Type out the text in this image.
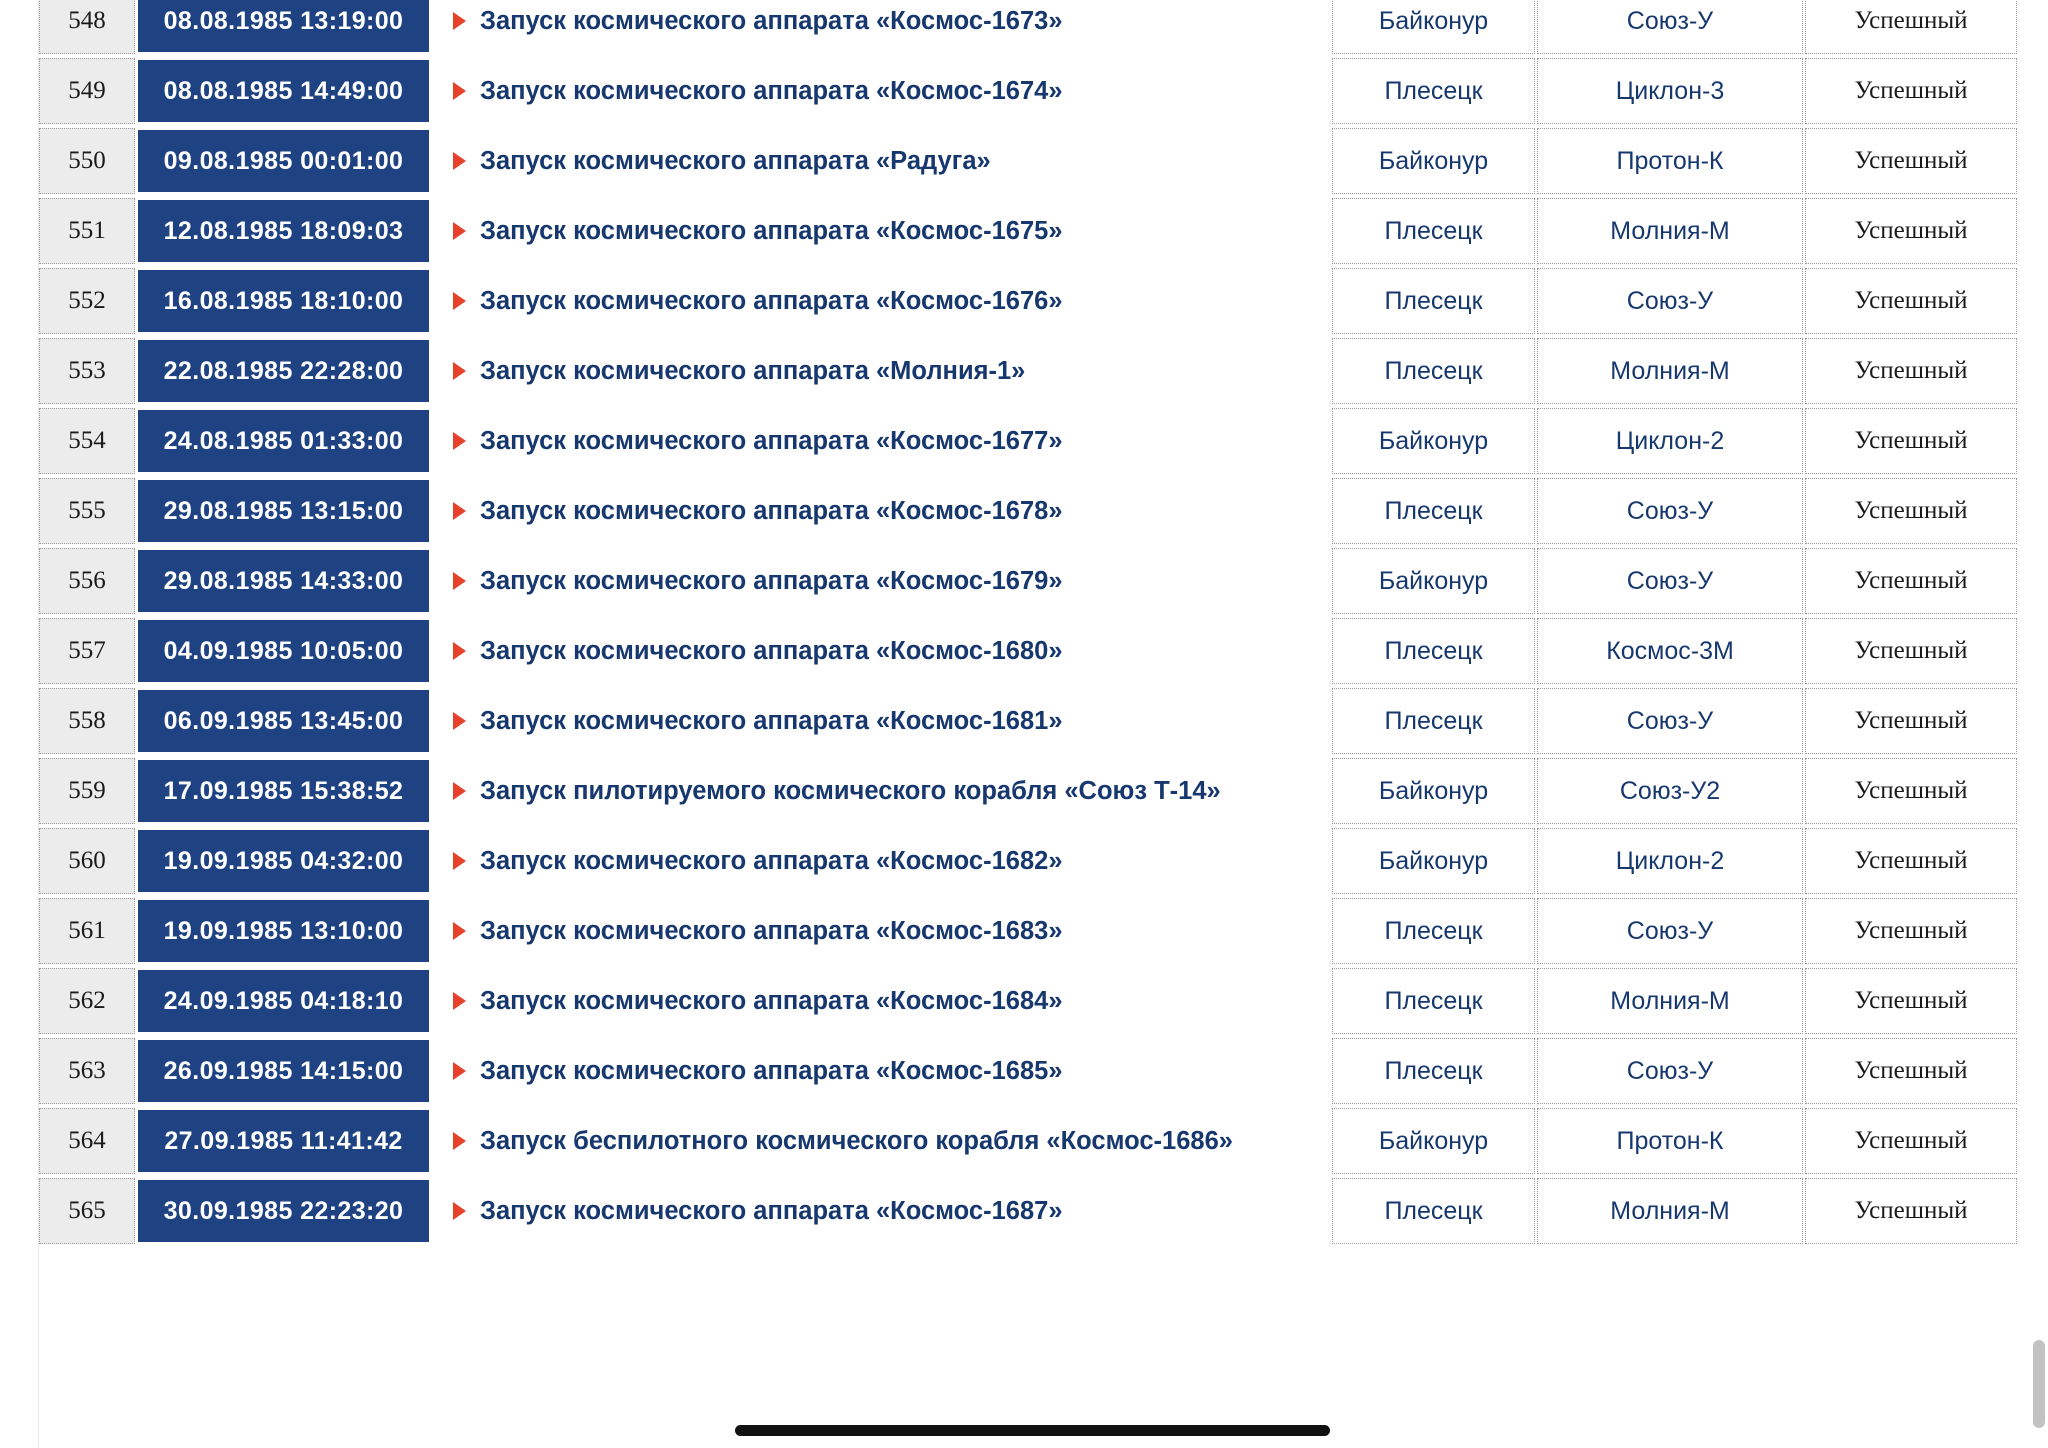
548	08.08.1985 13:19:00	Запуск космического аппарата «Космос-1673»	Байконур	Союз-У	Успешный

549	08.08.1985 14:49:00	Запуск космического аппарата «Космос-1674»	Плесецк	Циклон-3	Успешный

550	09.08.1985 00:01:00	Запуск космического аппарата «Радуга»	Байконур	Протон-К	Успешный

551	12.08.1985 18:09:03	Запуск космического аппарата «Космос-1675»	Плесецк	Молния-М	Успешный

552	16.08.1985 18:10:00	Запуск космического аппарата «Космос-1676»	Плесецк	Союз-У	Успешный

553	22.08.1985 22:28:00	Запуск космического аппарата «Молния-1»	Плесецк	Молния-М	Успешный

554	24.08.1985 01:33:00	Запуск космического аппарата «Космос-1677»	Байконур	Циклон-2	Успешный

555	29.08.1985 13:15:00	Запуск космического аппарата «Космос-1678»	Плесецк	Союз-У	Успешный

556	29.08.1985 14:33:00	Запуск космического аппарата «Космос-1679»	Байконур	Союз-У	Успешный

557	04.09.1985 10:05:00	Запуск космического аппарата «Космос-1680»	Плесецк	Космос-3М	Успешный

558	06.09.1985 13:45:00	Запуск космического аппарата «Космос-1681»	Плесецк	Союз-У	Успешный

559	17.09.1985 15:38:52	Запуск пилотируемого космического корабля «Союз Т-14»	Байконур	Союз-У2	Успешный

560	19.09.1985 04:32:00	Запуск космического аппарата «Космос-1682»	Байконур	Циклон-2	Успешный

561	19.09.1985 13:10:00	Запуск космического аппарата «Космос-1683»	Плесецк	Союз-У	Успешный

562	24.09.1985 04:18:10	Запуск космического аппарата «Космос-1684»	Плесецк	Молния-М	Успешный

563	26.09.1985 14:15:00	Запуск космического аппарата «Космос-1685»	Плесецк	Союз-У	Успешный

564	27.09.1985 11:41:42	Запуск беспилотного космического корабля «Космос-1686»	Байконур	Протон-К	Успешный

565	30.09.1985 22:23:20	Запуск космического аппарата «Космос-1687»	Плесецк	Молния-М	Успешный
